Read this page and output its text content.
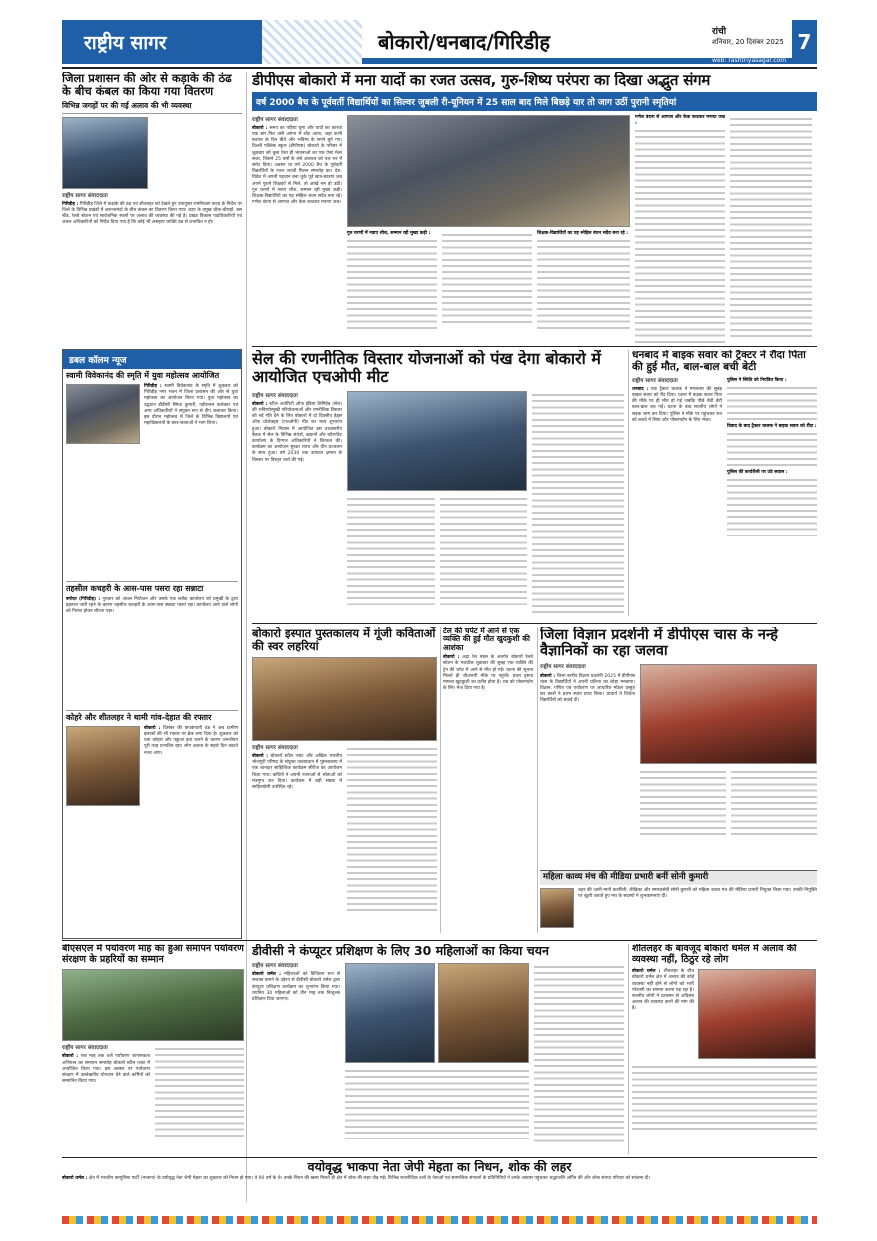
राष्ट्रीय सागर	बोकारो/धनबाद/गिरिडीह	रांची
शनिवार, 20 दिसंबर 2025 7
web: rashtriyasagar.com
जिला प्रशासन की ओर से कड़ाके की ठंढ के बीच कंबल का किया गया वितरण
विभिन्न जगहों पर की गई अलाव की भी व्यवस्था
राष्ट्रीय सागर संवाददाता
गिरिडीह : गिरिडीह जिले में कड़ाके की ठंड एवं शीतलहर को देखते हुए उपायुक्त रामनिवास यादव के निर्देश पर जिले के विभिन्न प्रखंडों में जरूरतमंदों के बीच कंबल का वितरण किया गया। शहर के प्रमुख चौक-चौराहों, बस स्टैंड, रेलवे स्टेशन एवं सार्वजनिक स्थलों पर अलाव की व्यवस्था की गई है। प्रखंड विकास पदाधिकारियों एवं अंचल अधिकारियों को निर्देश दिया गया है कि कोई भी असहाय व्यक्ति ठंड से प्रभावित न हो।
डबल कॉलम न्यूज
स्वामी विवेकानंद की स्मृति में युवा महोत्सव आयोजित
गिरिडीह : स्वामी विवेकानंद के स्मृति में शुक्रवार को गिरिडीह नगर भवन में जिला प्रशासन की ओर से युवा महोत्सव का आयोजन किया गया। युवा महोत्सव का उद्घाटन डीडीसी स्मिता कुमारी, एडीशनल कलेक्टर एवं अन्य अधिकारियों ने संयुक्त रूप से दीप जलाकर किया। इस दौरान महोत्सव में जिले के विभिन्न विद्यालयों एवं महाविद्यालयों के छात्र-छात्राओं ने भाग लिया।
तहसील कचहरी के आस-पास पसरा रहा सन्नाटा
बगोदर (गिरिडीह) : गुरुवार को अंचल नियोजन और उसके एक ब्लॉक कार्यालय को प्रमुखी के द्वारा हड़ताल जारी रहने के कारण तहसील कचहरी के आस-पास सन्नाटा पसरा रहा। कार्यालय आने वाले लोगों को निराश होकर लौटना पड़ा।
कोहरे और शीतलहर ने थामी गांव-देहात की रफ्तार
बोकारो : दिसंबर की कंपकंपाती ठंड ने अब ग्रामीण इलाकों की भी रफ्तार पर ब्रेक लगा दिया है। शुक्रवार को घना कोहरा और पछुआ हवा चलने के कारण जनजीवन पूरी तरह प्रभावित रहा। लोग अलाव के सहारे दिन काटते नजर आए।
डीपीएस बोकारो में मना यादों का रजत उत्सव, गुरु-शिष्य परंपरा का दिखा अद्भुत संगम
वर्ष 2000 बैच के पूर्ववर्ती विद्यार्थियों का सिल्वर जुबली री-यूनियन में 25 साल बाद मिले बिछड़े यार तो जाग उठीं पुरानी स्मृतियां
राष्ट्रीय सागर संवाददाता
बोकारो : समय का पहिया घूमा और यादों का कारवां एक बार फिर उसी आंगन में लौट आया, जहां कभी बचपन के दिन बीते और भविष्य के सपने बुने गए। दिल्ली पब्लिक स्कूल (डीपीएस) बोकारो के परिसर में शुक्रवार को कुछ ऐसा ही भावनाओं का एक ऐसा मेला सजा, जिसने 25 वर्षों के लंबे अंतराल को पल भर में समेट दिया। अवसर था वर्ष 2000 बैच के पूर्ववर्ती विद्यार्थियों के रजत जयंती मिलन समारोह का। देश-विदेश में अपनी पहचान बना चुके पूर्व छात्र-छात्राएं जब अपने पुराने शिक्षकों से मिले, तो आंखें नम हो उठीं। गुरु चरणों में नवाए शीश, सम्मान रही मुख्य कड़ी। शिक्षक-विद्यार्थियों का यह स्नेहिल बंधन सदैव बना रहे। गणेश वंदना से आगाज और केक काटकर मनाया जश्न।
गुरु चरणों में नवाए शीश, सम्मान रही मुख्य कड़ी :	शिक्षक-विद्यार्थियों का यह स्नेहिल बंधन सदैव बना रहे :
गणेश वंदना से आगाज और केक काटकर मनाया जश्न :
सेल की रणनीतिक विस्तार योजनाओं को पंख देगा बोकारो में आयोजित एचओपी मीट
राष्ट्रीय सागर संवाददाता
बोकारो : स्टील अथॉरिटी ऑफ इंडिया लिमिटेड (सेल) की भविष्योन्मुखी परियोजनाओं और रणनीतिक विस्तार को नई गति देने के लिए बोकारो में दो दिवसीय हेड्स ऑफ प्रोजेक्ट्स (एचओपी) मीट का भव्य शुभारंभ हुआ। बोकारो निवास में आयोजित इस उच्चस्तरीय बैठक में सेल के विभिन्न संयंत्रों, खदानों और कॉरपोरेट कार्यालय के दिग्गज अधिकारियों ने शिरकत की। कार्यक्रम का आयोजन सुरक्षा शपथ और दीप प्रज्वलन के साथ हुआ। वर्ष 2030 तक उत्पादन क्षमता के विस्तार पर विस्तृत चर्चा की गई।
धनबाद में बाइक सवार को ट्रैक्टर ने रौंदा पिता की हुई मौत, बाल-बाल बची बेटी
राष्ट्रीय सागर संवाददाता
धनबाद : एक ट्रैक्टर चालक ने मंगलवार की सुबह बाइक सवार को रौंद दिया। घटना में बाइक सवार पिता की मौके पर ही मौत हो गई जबकि पीछे बैठी बेटी बाल-बाल बच गई। घटना के बाद स्थानीय लोगों ने सड़क जाम कर दिया। पुलिस ने मौके पर पहुंचकर शव को कब्जे में लिया और पोस्टमार्टम के लिए भेजा।
पुलिस ने स्थिति को नियंत्रित किया :
विवाद के बाद ट्रैक्टर चालक ने बाइक सवार को रौंदा :
पुलिस की कार्यशैली पर उठे सवाल :
बोकारो इस्पात पुस्तकालय में गूंजी कविताओं की स्वर लहरियां
राष्ट्रीय सागर संवाददाता
बोकारो : बोकारो स्टील प्लांट और अखिल भारतीय भोजपुरी परिषद के संयुक्त तत्वावधान में पुस्तकालय में एक शानदार साहित्यिक कार्यक्रम सीरीज का आयोजन किया गया। कवियों ने अपनी रचनाओं से श्रोताओं को मंत्रमुग्ध कर दिया। कार्यक्रम में बड़ी संख्या में साहित्यप्रेमी उपस्थित रहे।
टेल की चपेट में आने से एक व्यक्ति की हुई मौत खुदकुशी की आशंका
बोकारो : अद्रा रेल मंडल के अंतर्गत बोकारो रेलवे स्टेशन के नजदीक शुक्रवार की सुबह एक व्यक्ति की ट्रेन की चपेट में आने से मौत हो गई। घटना की सूचना मिलते ही जीआरपी मौके पर पहुंची। प्रथम दृष्टया मामला खुदकुशी का प्रतीत होता है। शव को पोस्टमार्टम के लिए भेज दिया गया है।
जिला विज्ञान प्रदर्शनी में डीपीएस चास के नन्हे वैज्ञानिकों का रहा जलवा
राष्ट्रीय सागर संवाददाता
बोकारो : जिला स्तरीय विज्ञान प्रदर्शनी 2025 में डीपीएस चास के विद्यार्थियों ने अपनी प्रतिभा का लोहा मनवाया। विज्ञान, गणित एवं पर्यावरण पर आधारित मॉडल प्रस्तुत कर छात्रों ने प्रथम स्थान प्राप्त किया। प्राचार्य ने विजेता विद्यार्थियों को बधाई दी।
महिला काव्य मंच की मीडिया प्रभारी बनीं सोनी कुमारी
शहर की जानी-मानी कवयित्री, लेखिका और समाजसेवी सोनी कुमारी को महिला काव्य मंच की मीडिया प्रभारी नियुक्त किया गया। उनकी नियुक्ति पर खुशी जताते हुए मंच के सदस्यों ने शुभकामनाएं दीं।
बीएसएल में पर्यावरण माह का हुआ समापन पर्यावरण संरक्षण के प्रहरियों का सम्मान
राष्ट्रीय सागर संवाददाता
बोकारो : एक माह तक चले पर्यावरण जागरूकता अभियान का समापन समारोह बोकारो स्टील प्लांट में आयोजित किया गया। इस अवसर पर पर्यावरण संरक्षण में उल्लेखनीय योगदान देने वाले कर्मियों को सम्मानित किया गया।
डीवीसी ने कंप्यूटर प्रशिक्षण के लिए 30 महिलाओं का किया चयन
राष्ट्रीय सागर संवाददाता
बोकारो थर्मल : महिलाओं को डिजिटल रूप से सशक्त बनाने के उद्देश्य से डीवीसी बोकारो थर्मल द्वारा कंप्यूटर प्रशिक्षण कार्यक्रम का शुभारंभ किया गया। चयनित 30 महिलाओं को तीन माह तक निःशुल्क प्रशिक्षण दिया जाएगा।
शीतलहर के बावजूद बोकारो थर्मल में अलाव की व्यवस्था नहीं, ठिठुर रहे लोग
बोकारो थर्मल : शीतलहर के बीच बोकारो थर्मल क्षेत्र में अलाव की कोई व्यवस्था नहीं होने से लोगों को भारी परेशानी का सामना करना पड़ रहा है। स्थानीय लोगों ने प्रशासन से अविलंब अलाव की व्यवस्था करने की मांग की है।
वयोवृद्ध भाकपा नेता जेपी मेहता का निधन, शोक की लहर
बोकारो थर्मल : क्षेत्र में भारतीय कम्युनिस्ट पार्टी (भाकपा) के वयोवृद्ध नेता जेपी मेहता का शुक्रवार को निधन हो गया। वे 90 वर्ष के थे। उनके निधन की खबर मिलते ही क्षेत्र में शोक की लहर दौड़ गई। विभिन्न राजनीतिक दलों के नेताओं एवं सामाजिक संगठनों के प्रतिनिधियों ने उनके आवास पहुंचकर श्रद्धांजलि अर्पित की और शोक संतप्त परिवार को सांत्वना दी।
